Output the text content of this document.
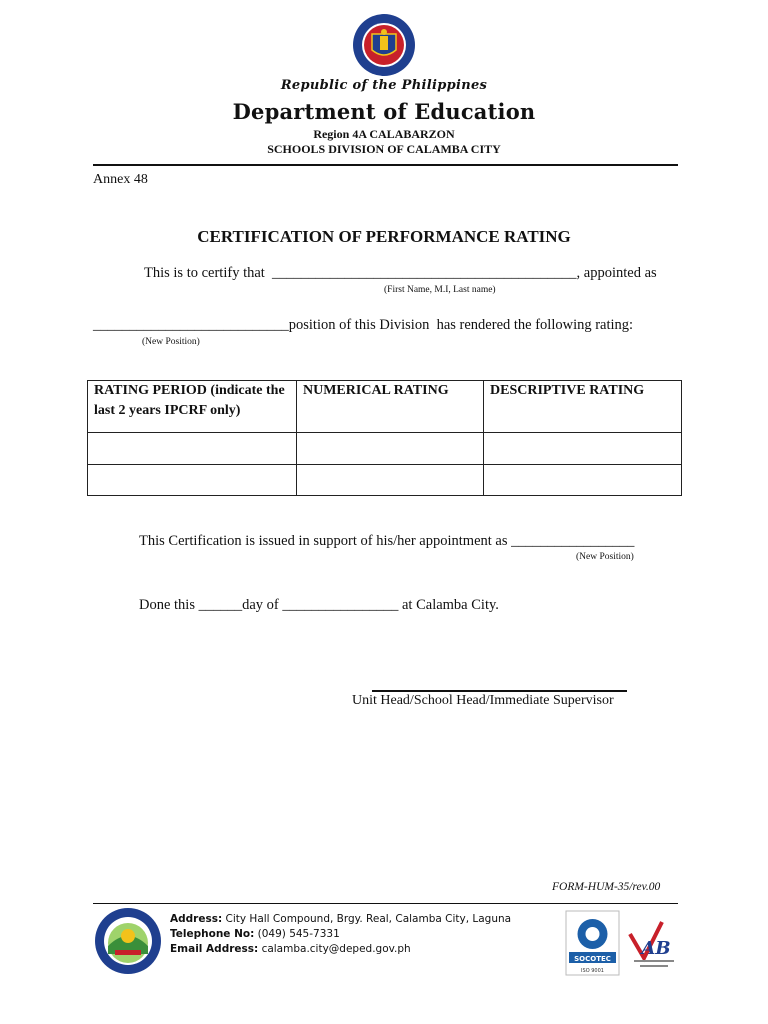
Republic of the Philippines
Department of Education
Region 4A CALABARZON
SCHOOLS DIVISION OF CALAMBA CITY
Annex 48
CERTIFICATION OF PERFORMANCE RATING
This is to certify that  __________________________________________, appointed as
(First Name, M.I, Last name)
___________________________position of this Division  has rendered the following rating:
(New Position)
RATING PERIOD (indicate the last 2 years IPCRF only)	NUMERICAL RATING	DESCRIPTIVE RATING

This Certification is issued in support of his/her appointment as _________________
(New Position)
Done this ______day of ________________ at Calamba City.
Unit Head/School Head/Immediate Supervisor
FORM-HUM-35/rev.00
Address: City Hall Compound, Brgy. Real, Calamba City, Laguna
Telephone No: (049) 545-7331
Email Address: calamba.city@deped.gov.ph
SOCOTEC
ISO 9001
AB
